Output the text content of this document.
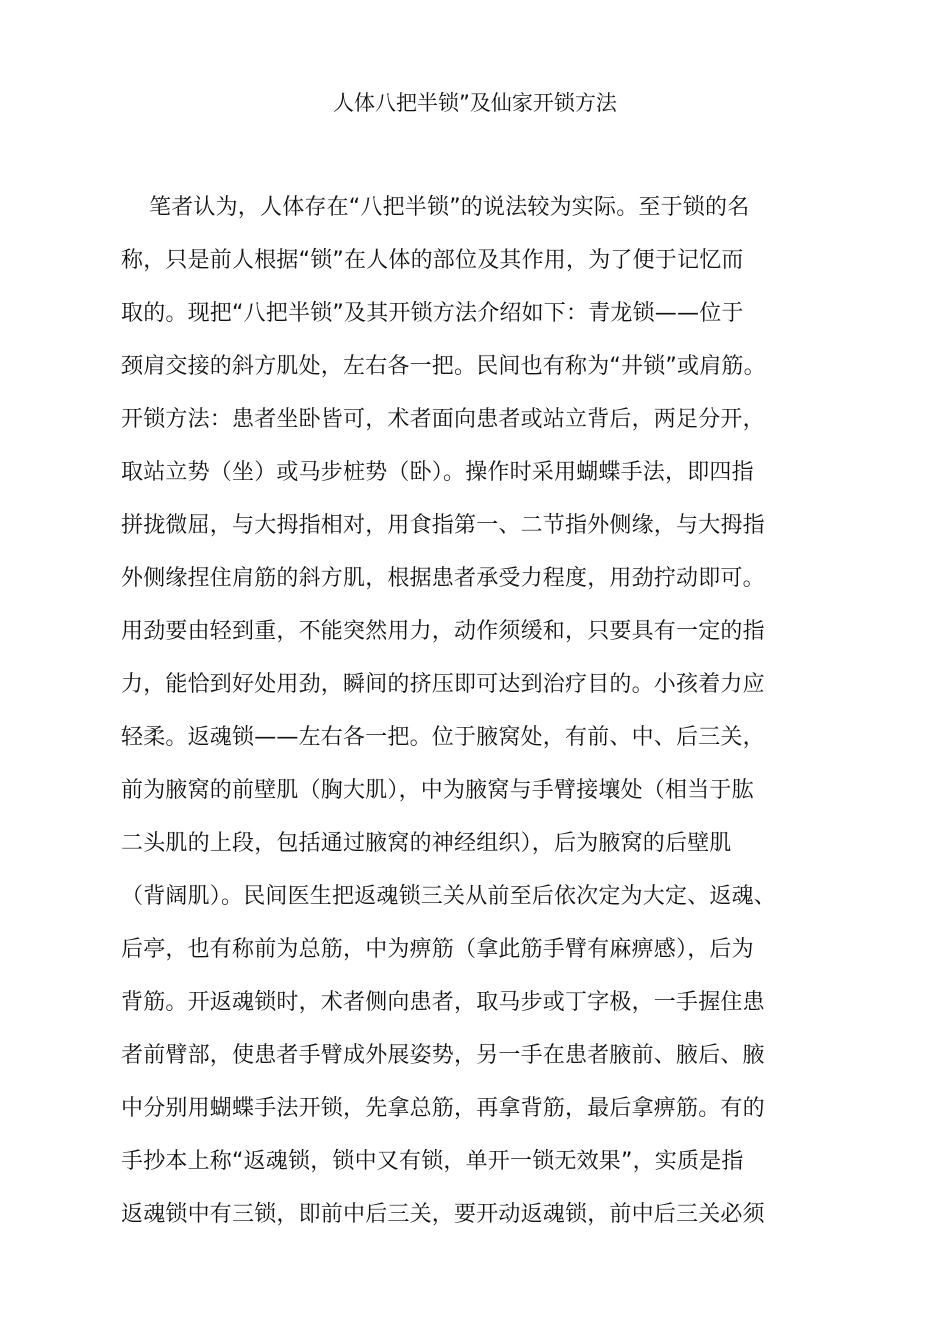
人体八把半锁”及仙家开锁方法
笔者认为，人体存在“八把半锁”的说法较为实际。至于锁的名
称，只是前人根据“锁”在人体的部位及其作用，为了便于记忆而
取的。现把“八把半锁”及其开锁方法介绍如下：青龙锁——位于
颈肩交接的斜方肌处，左右各一把。民间也有称为“井锁”或肩筋。
开锁方法：患者坐卧皆可，术者面向患者或站立背后，两足分开，
取站立势（坐）或马步桩势（卧）。操作时采用蝴蝶手法，即四指
拼拢微屈，与大拇指相对，用食指第一、二节指外侧缘，与大拇指
外侧缘捏住肩筋的斜方肌，根据患者承受力程度，用劲拧动即可。
用劲要由轻到重，不能突然用力，动作须缓和，只要具有一定的指
力，能恰到好处用劲，瞬间的挤压即可达到治疗目的。小孩着力应
轻柔。返魂锁——左右各一把。位于腋窝处，有前、中、后三关，
前为腋窝的前壁肌（胸大肌），中为腋窝与手臂接壤处（相当于肱
二头肌的上段，包括通过腋窝的神经组织），后为腋窝的后壁肌
（背阔肌）。民间医生把返魂锁三关从前至后依次定为大定、返魂、
后亭，也有称前为总筋，中为痹筋（拿此筋手臂有麻痹感），后为
背筋。开返魂锁时，术者侧向患者，取马步或丁字极，一手握住患
者前臂部，使患者手臂成外展姿势，另一手在患者腋前、腋后、腋
中分别用蝴蝶手法开锁，先拿总筋，再拿背筋，最后拿痹筋。有的
手抄本上称“返魂锁，锁中又有锁，单开一锁无效果”，实质是指
返魂锁中有三锁，即前中后三关，要开动返魂锁，前中后三关必须
